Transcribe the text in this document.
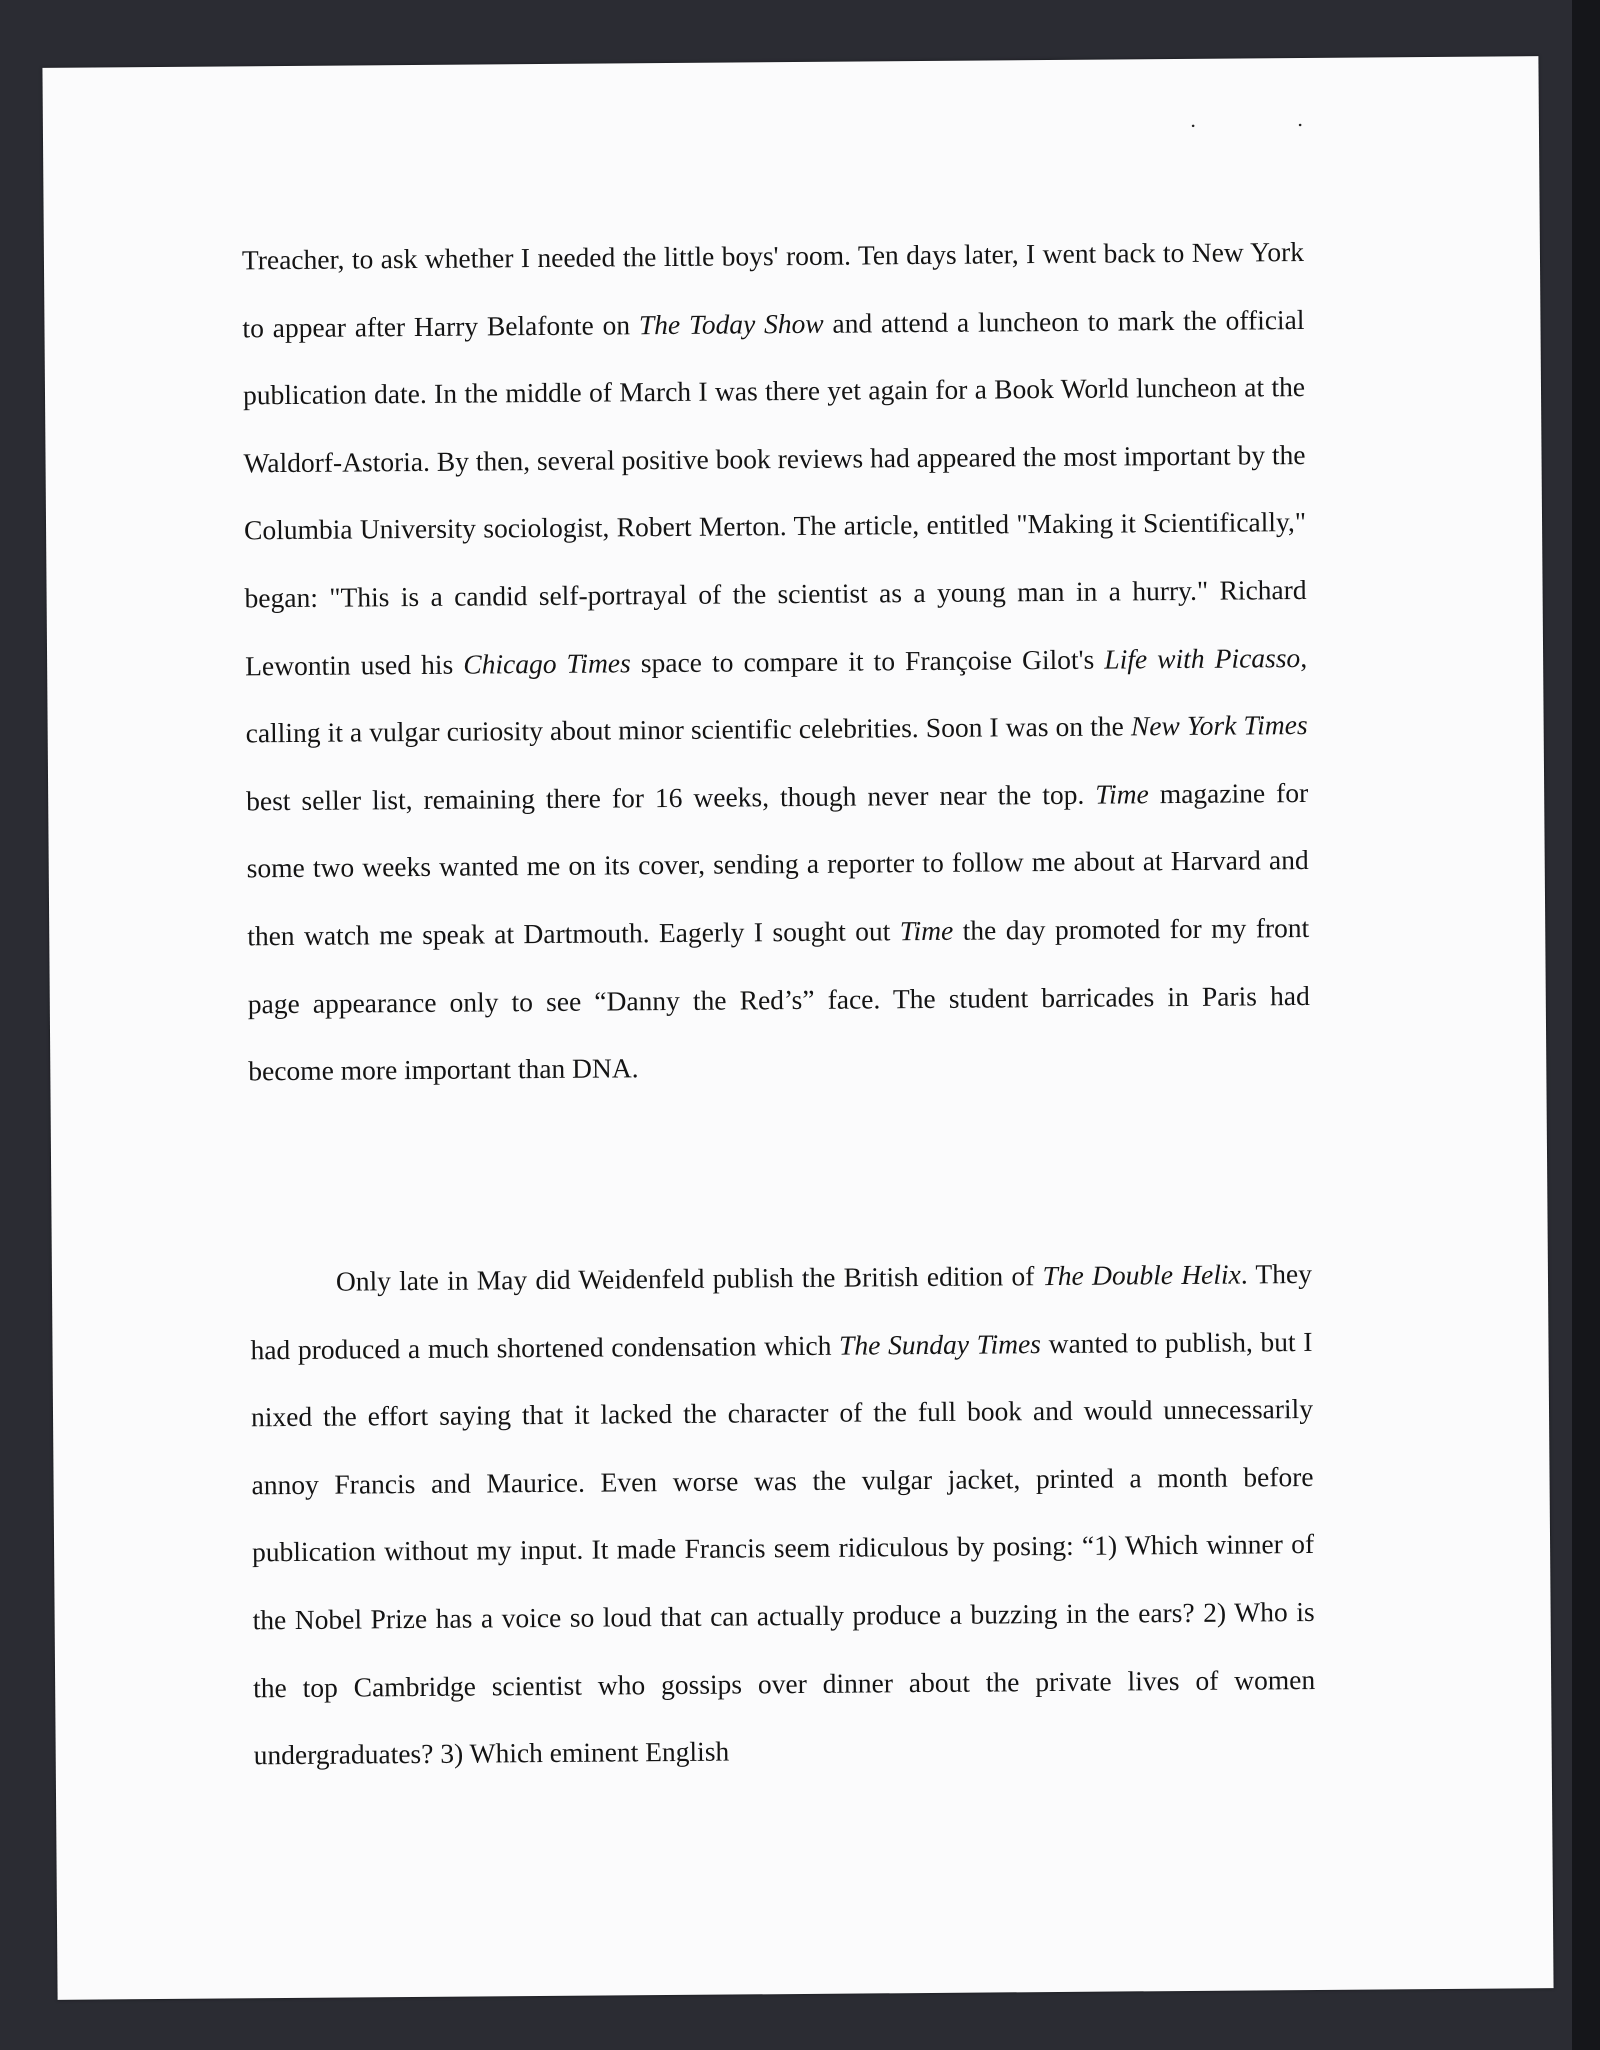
. .

Treacher, to ask whether I needed the little boys' room. Ten days later, I went back to New York to appear after Harry Belafonte on The Today Show and attend a luncheon to mark the official publication date. In the middle of March I was there yet again for a Book World luncheon at the Waldorf-Astoria. By then, several positive book reviews had appeared the most important by the Columbia University sociologist, Robert Merton. The article, entitled "Making it Scientifically," began: "This is a candid self-portrayal of the scientist as a young man in a hurry." Richard Lewontin used his Chicago Times space to compare it to Françoise Gilot's Life with Picasso, calling it a vulgar curiosity about minor scientific celebrities. Soon I was on the New York Times best seller list, remaining there for 16 weeks, though never near the top. Time magazine for some two weeks wanted me on its cover, sending a reporter to follow me about at Harvard and then watch me speak at Dartmouth. Eagerly I sought out Time the day promoted for my front page appearance only to see “Danny the Red’s” face. The student barricades in Paris had become more important than DNA.

Only late in May did Weidenfeld publish the British edition of The Double Helix. They had produced a much shortened condensation which The Sunday Times wanted to publish, but I nixed the effort saying that it lacked the character of the full book and would unnecessarily annoy Francis and Maurice. Even worse was the vulgar jacket, printed a month before publication without my input. It made Francis seem ridiculous by posing: “1) Which winner of the Nobel Prize has a voice so loud that can actually produce a buzzing in the ears? 2) Who is the top Cambridge scientist who gossips over dinner about the private lives of women undergraduates? 3) Which eminent English
